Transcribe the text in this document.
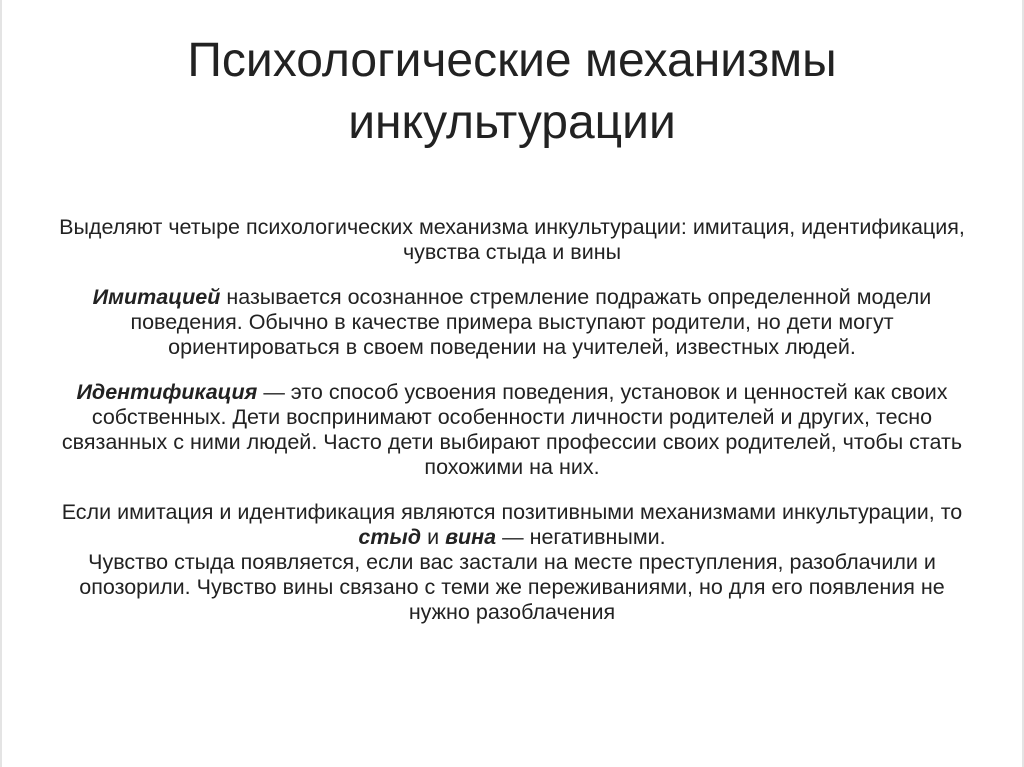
Психологические механизмы
инкультурации

Выделяют четыре психологических механизма инкультурации: имитация, идентификация, чувства стыда и вины

Имитацией называется осознанное стремление подражать определенной модели поведения. Обычно в качестве примера выступают родители, но дети могут ориентироваться в своем поведении на учителей, известных людей.

Идентификация — это способ усвоения поведения, установок и ценностей как своих собственных. Дети воспринимают особенности личности родителей и других, тесно связанных с ними людей. Часто дети выбирают профессии своих родителей, чтобы стать похожими на них.

Если имитация и идентификация являются позитивными механизмами инкультурации, то стыд и вина — негативными.

Чувство стыда появляется, если вас застали на месте преступления, разоблачили и опозорили. Чувство вины связано с теми же переживаниями, но для его появления не нужно разоблачения
